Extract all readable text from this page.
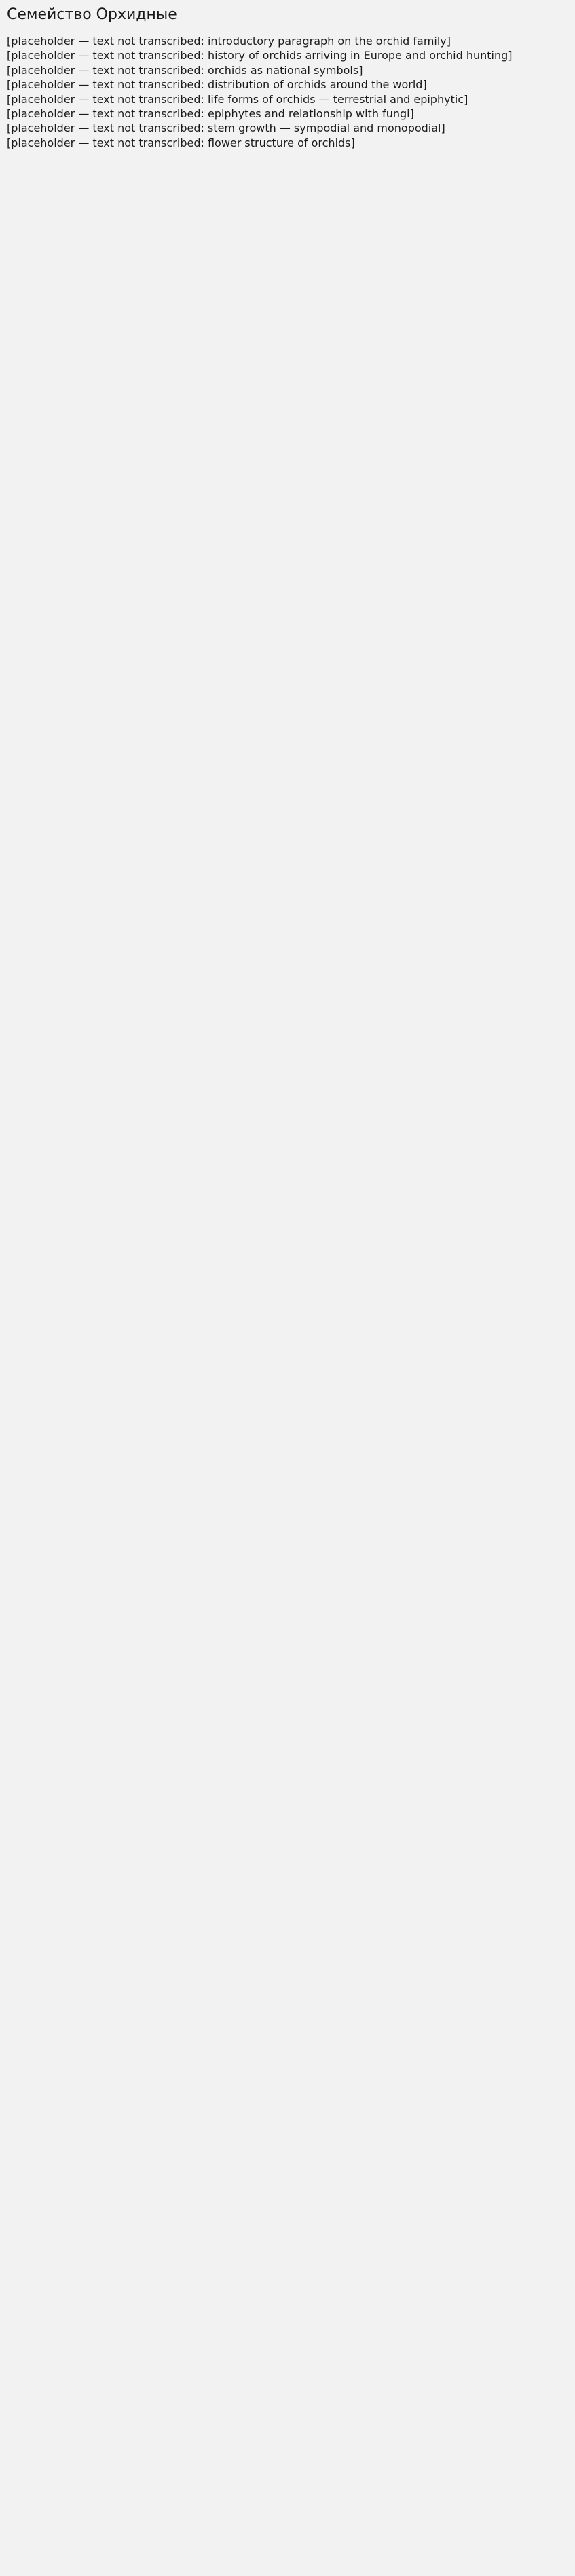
Семейство Орхидные

[placeholder — text not transcribed: introductory paragraph on the orchid family]

[placeholder — text not transcribed: history of orchids arriving in Europe and orchid hunting]

[placeholder — text not transcribed: orchids as national symbols]

[placeholder — text not transcribed: distribution of orchids around the world]

[placeholder — text not transcribed: life forms of orchids — terrestrial and epiphytic]

[placeholder — text not transcribed: epiphytes and relationship with fungi]

[placeholder — text not transcribed: stem growth — sympodial and monopodial]

[placeholder — text not transcribed: flower structure of orchids]
